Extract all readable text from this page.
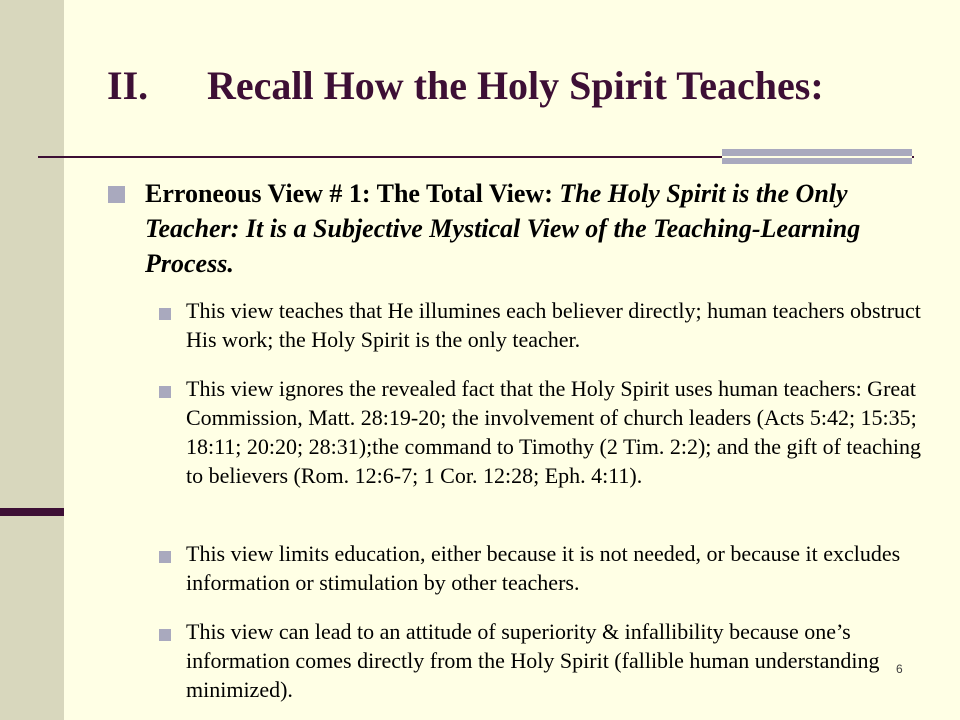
II. Recall How the Holy Spirit Teaches:
Erroneous View # 1: The Total View: The Holy Spirit is the Only Teacher: It is a Subjective Mystical View of the Teaching-Learning Process.
This view teaches that He illumines each believer directly; human teachers obstruct His work; the Holy Spirit is the only teacher.
This view ignores the revealed fact that the Holy Spirit uses human teachers: Great Commission, Matt. 28:19-20; the involvement of church leaders (Acts 5:42; 15:35; 18:11; 20:20; 28:31);the command to Timothy (2 Tim. 2:2); and the gift of teaching to believers (Rom. 12:6-7; 1 Cor. 12:28; Eph. 4:11).
This view limits education, either because it is not needed, or because it excludes information or stimulation by other teachers.
This view can lead to an attitude of superiority & infallibility because one’s information comes directly from the Holy Spirit (fallible human understanding minimized).
6
